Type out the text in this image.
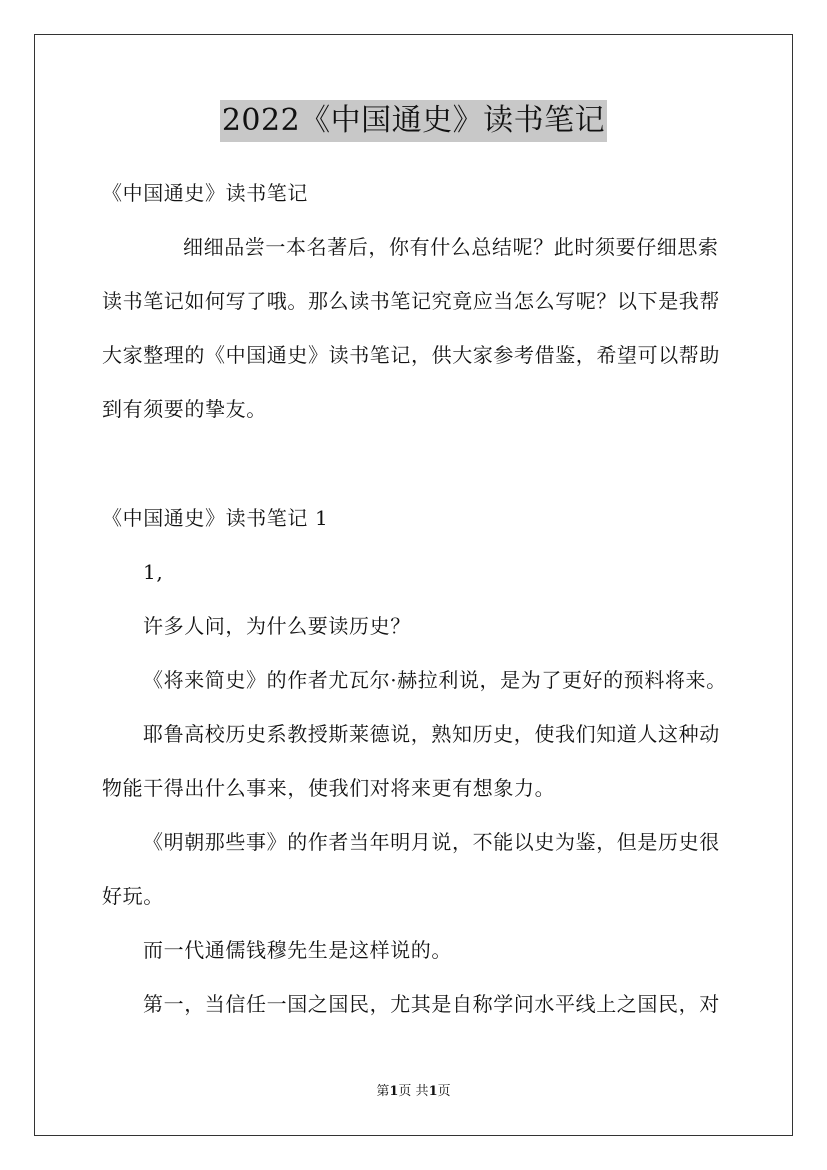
2022《中国通史》读书笔记
《中国通史》读书笔记
细细品尝一本名著后，你有什么总结呢？此时须要仔细思索
读书笔记如何写了哦。那么读书笔记究竟应当怎么写呢？以下是我帮
大家整理的《中国通史》读书笔记，供大家参考借鉴，希望可以帮助
到有须要的挚友。
《中国通史》读书笔记 1
1,
许多人问，为什么要读历史？
《将来简史》的作者尤瓦尔·赫拉利说，是为了更好的预料将来。
耶鲁高校历史系教授斯莱德说，熟知历史，使我们知道人这种动
物能干得出什么事来，使我们对将来更有想象力。
《明朝那些事》的作者当年明月说，不能以史为鉴，但是历史很
好玩。
而一代通儒钱穆先生是这样说的。
第一，当信任一国之国民，尤其是自称学问水平线上之国民，对
第1页 共1页
